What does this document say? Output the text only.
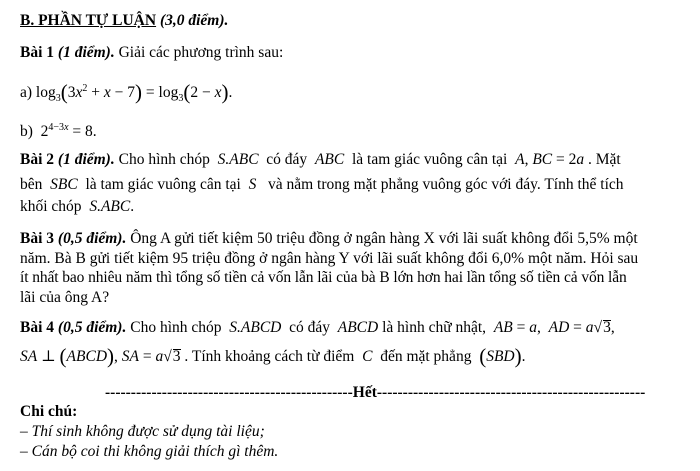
B. PHẦN TỰ LUẬN (3,0 điểm).
Bài 1 (1 điểm). Giải các phương trình sau:
a) $\log_3(3x^2 + x - 7) = \log_3(2 - x)$.
b)  $2^{4-3x} = 8$.
Bài 2 (1 điểm). Cho hình chóp  S.ABC  có đáy  ABC  là tam giác vuông cân tại A, BC = 2a . Mặt
bên  SBC  là tam giác vuông cân tại  S   và nằm trong mặt phẳng vuông góc với đáy. Tính thể tích
khối chóp  S.ABC.
Bài 3 (0,5 điểm). Ông A gửi tiết kiệm 50 triệu đồng ở ngân hàng X với lãi suất không đổi 5,5% một
năm. Bà B gửi tiết kiệm 95 triệu đồng ở ngân hàng Y với lãi suất không đổi 6,0% một năm. Hỏi sau
ít nhất bao nhiêu năm thì tổng số tiền cả vốn lẫn lãi của bà B lớn hơn hai lần tổng số tiền cả vốn lẫn
lãi của ông A?
Bài 4 (0,5 điểm). Cho hình chóp  S.ABCD  có đáy  ABCD là hình chữ nhật, AB = a,  AD = a√3,
SA ⊥ (ABCD), SA = a√3 . Tính khoảng cách từ điểm  C  đến mặt phẳng (SBD).
------------------------------------------------Hết----------------------------------------------------
Chi chú:
– Thí sinh không được sử dụng tài liệu;
– Cán bộ coi thi không giải thích gì thêm.
